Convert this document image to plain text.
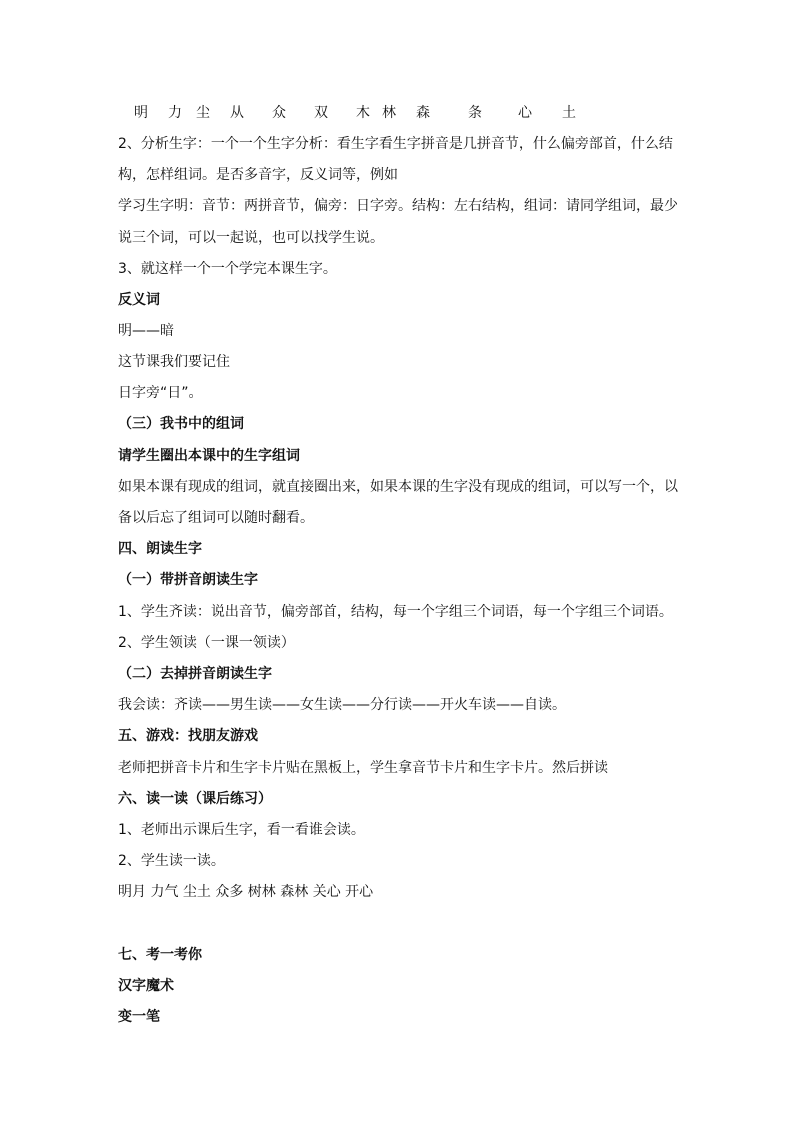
明 力 尘 从 众 双 木 林 森	条	心 土
2、分析生字：一个一个生字分析：看生字看生字拼音是几拼音节，什么偏旁部首，什么结
构，怎样组词。是否多音字，反义词等，例如
学习生字明：音节：两拼音节，偏旁：日字旁。结构：左右结构，组词：请同学组词，最少
说三个词，可以一起说，也可以找学生说。
3、就这样一个一个学完本课生字。
反义词
明——暗
这节课我们要记住
日字旁“日”。
（三）我书中的组词
请学生圈出本课中的生字组词
如果本课有现成的组词，就直接圈出来，如果本课的生字没有现成的组词，可以写一个，以
备以后忘了组词可以随时翻看。
四、朗读生字
（一）带拼音朗读生字
1、学生齐读：说出音节，偏旁部首，结构，每一个字组三个词语，每一个字组三个词语。
2、学生领读（一课一领读）
（二）去掉拼音朗读生字
我会读：齐读——男生读——女生读——分行读——开火车读——自读。
五、游戏：找朋友游戏
老师把拼音卡片和生字卡片贴在黑板上，学生拿音节卡片和生字卡片。然后拼读
六、读一读（课后练习）
1、老师出示课后生字，看一看谁会读。
2、学生读一读。
明月 力气 尘土 众多 树林 森林 关心 开心
七、考一考你
汉字魔术
变一笔
